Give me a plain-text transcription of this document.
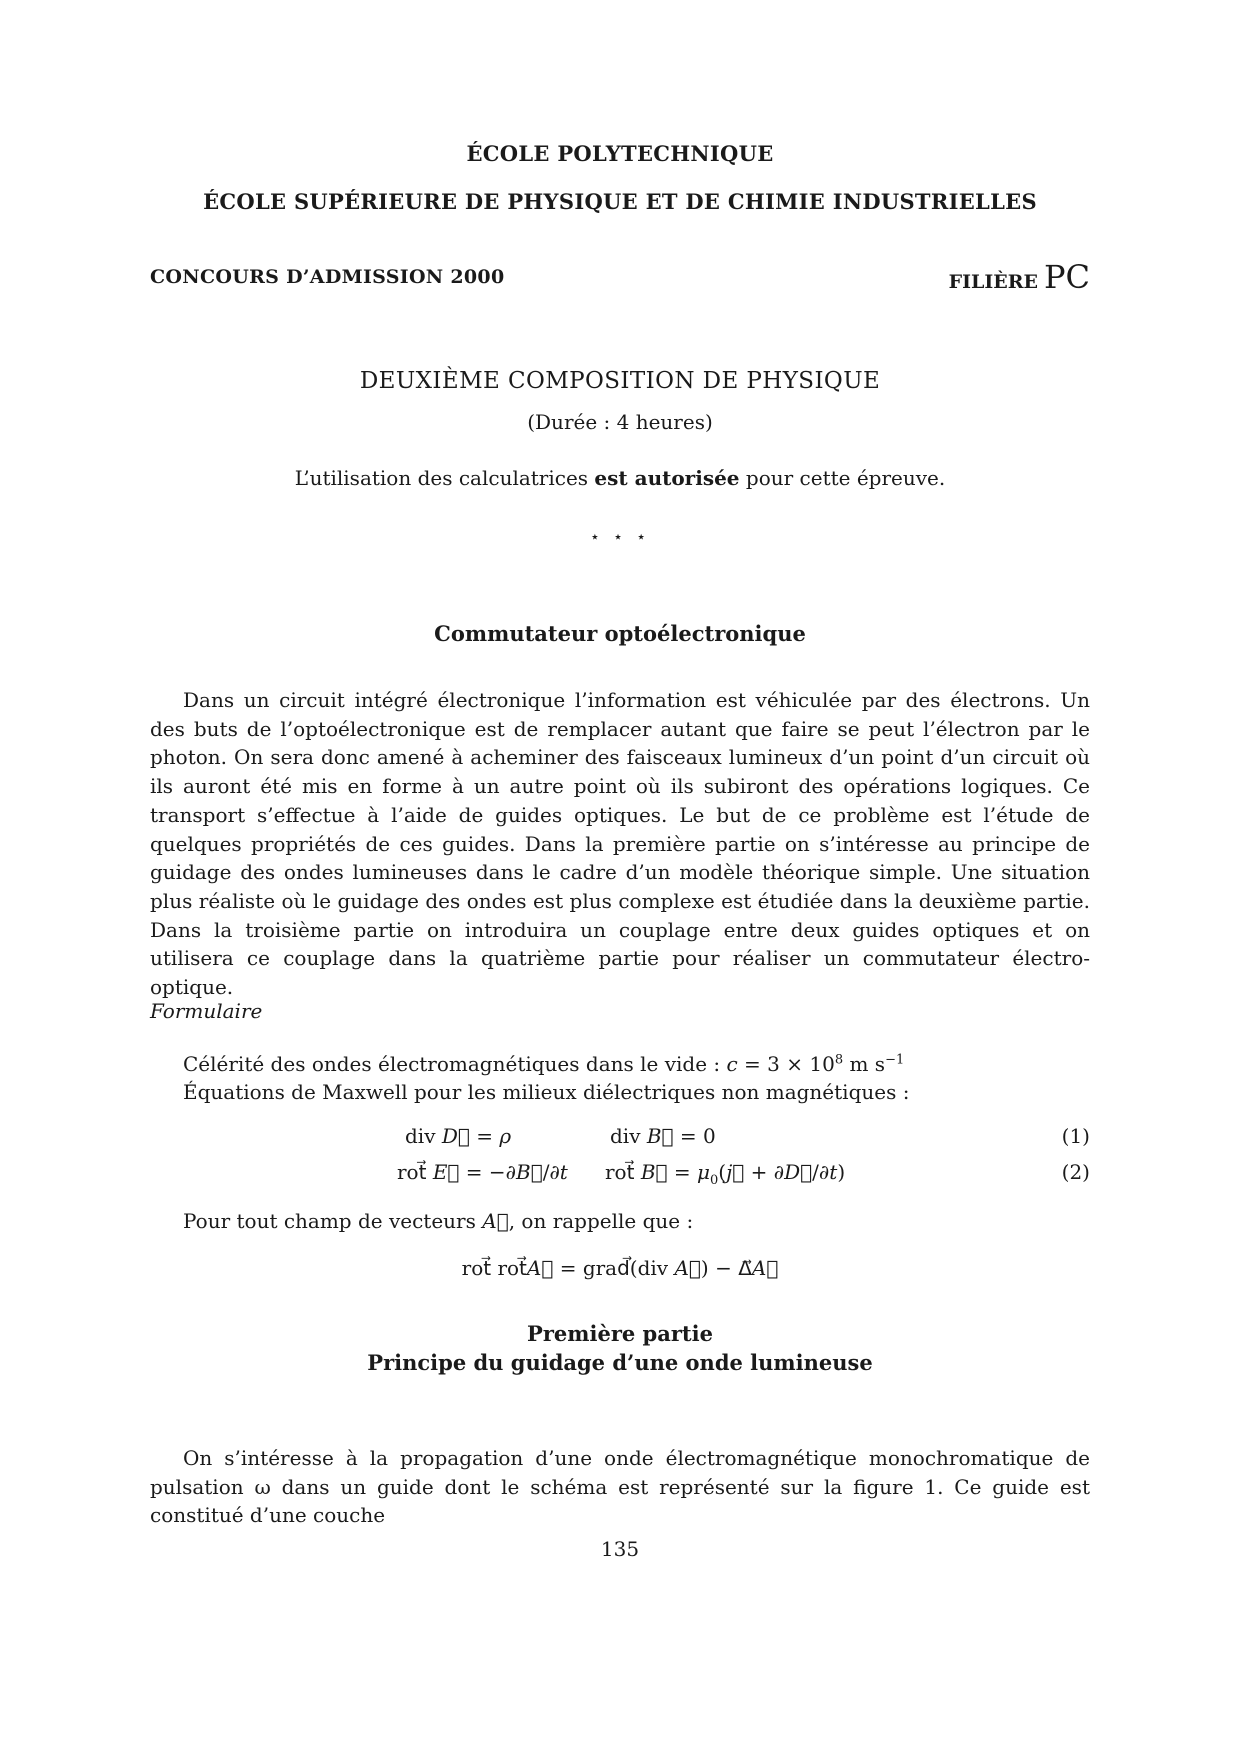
ÉCOLE POLYTECHNIQUE
ÉCOLE SUPÉRIEURE DE PHYSIQUE ET DE CHIMIE INDUSTRIELLES
CONCOURS D’ADMISSION 2000	FILIÈRE PC
DEUXIÈME COMPOSITION DE PHYSIQUE
(Durée : 4 heures)
L’utilisation des calculatrices est autorisée pour cette épreuve.
⋆ ⋆ ⋆
Commutateur optoélectronique
Dans un circuit intégré électronique l’information est véhiculée par des électrons. Un des buts de l’optoélectronique est de remplacer autant que faire se peut l’électron par le photon. On sera donc amené à acheminer des faisceaux lumineux d’un point d’un circuit où ils auront été mis en forme à un autre point où ils subiront des opérations logiques. Ce transport s’effectue à l’aide de guides optiques. Le but de ce problème est l’étude de quelques propriétés de ces guides. Dans la première partie on s’intéresse au principe de guidage des ondes lumineuses dans le cadre d’un modèle théorique simple. Une situation plus réaliste où le guidage des ondes est plus complexe est étudiée dans la deuxième partie. Dans la troisième partie on introduira un couplage entre deux guides optiques et on utilisera ce couplage dans la quatrième partie pour réaliser un commutateur électro-optique.
Formulaire
Célérité des ondes électromagnétiques dans le vide : $c = 3 \times 10^8$ m $s^{-1}$
Équations de Maxwell pour les milieux diélectriques non magnétiques :
div D⃗ = ρ	div B⃗ = 0	(1)
rot⃗ E⃗ = −∂B⃗/∂t rot⃗ B⃗ = $\mu_0(j⃗$ + ∂D⃗/∂t)	(2)
Pour tout champ de vecteurs A⃗, on rappelle que :
rot⃗ rot⃗A⃗ = grad⃗(div A⃗) − Δ⃗A⃗
Première partie
Principe du guidage d’une onde lumineuse
On s’intéresse à la propagation d’une onde électromagnétique monochromatique de pulsation ω dans un guide dont le schéma est représenté sur la figure 1. Ce guide est constitué d’une couche
135
